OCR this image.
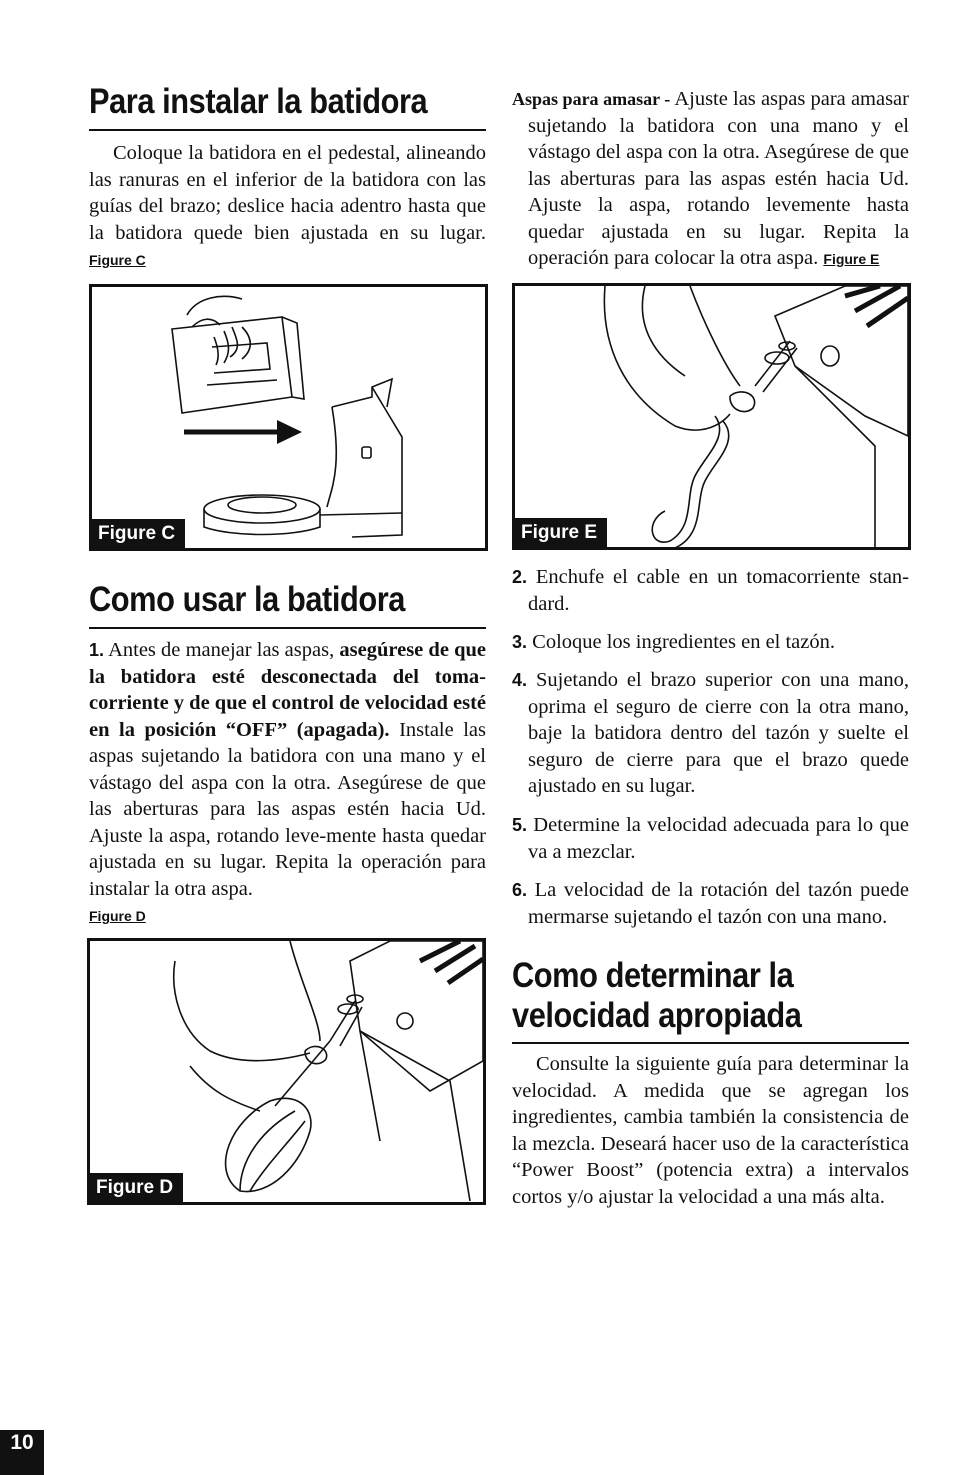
Para instalar la batidora

Coloque la batidora en el pedestal, alineando las ranuras en el inferior de la batidora con las guías del brazo; deslice hacia adentro hasta que la batidora quede bien ajustada en su lugar. Figure C

Figure C
Como usar la batidora

1. Antes de manejar las aspas, asegúrese de que la batidora esté desconectada del toma-corriente y de que el control de velocidad esté en la posición “OFF” (apagada). Instale las aspas sujetando la batidora con una mano y el vástago del aspa con la otra. Asegúrese de que las aberturas para las aspas estén hacia Ud. Ajuste la aspa, rotando leve-mente hasta quedar ajustada en su lugar. Repita la operación para instalar la otra aspa.
Figure D

Figure D

Aspas para amasar - Ajuste las aspas para amasar sujetando la batidora con una mano y el vástago del aspa con la otra. Asegúrese de que las aberturas para las aspas estén hacia Ud. Ajuste la aspa, rotando levemente hasta quedar ajustada en su lugar. Repita la operación para colocar la otra aspa. Figure E

Figure E
2. Enchufe el cable en un tomacorriente stan-dard.
3. Coloque los ingredientes en el tazón.
4. Sujetando el brazo superior con una mano, oprima el seguro de cierre con la otra mano, baje la batidora dentro del tazón y suelte el seguro de cierre para que el brazo quede ajustado en su lugar.
5. Determine la velocidad adecuada para lo que va a mezclar.
6. La velocidad de la rotación del tazón puede mermarse sujetando el tazón con una mano.
Como determinar la
velocidad apropiada

Consulte la siguiente guía para determinar la velocidad. A medida que se agregan los ingredientes, cambia también la consistencia de la mezcla. Deseará hacer uso de la característica “Power Boost” (potencia extra) a intervalos cortos y/o ajustar la velocidad a una más alta.

10
